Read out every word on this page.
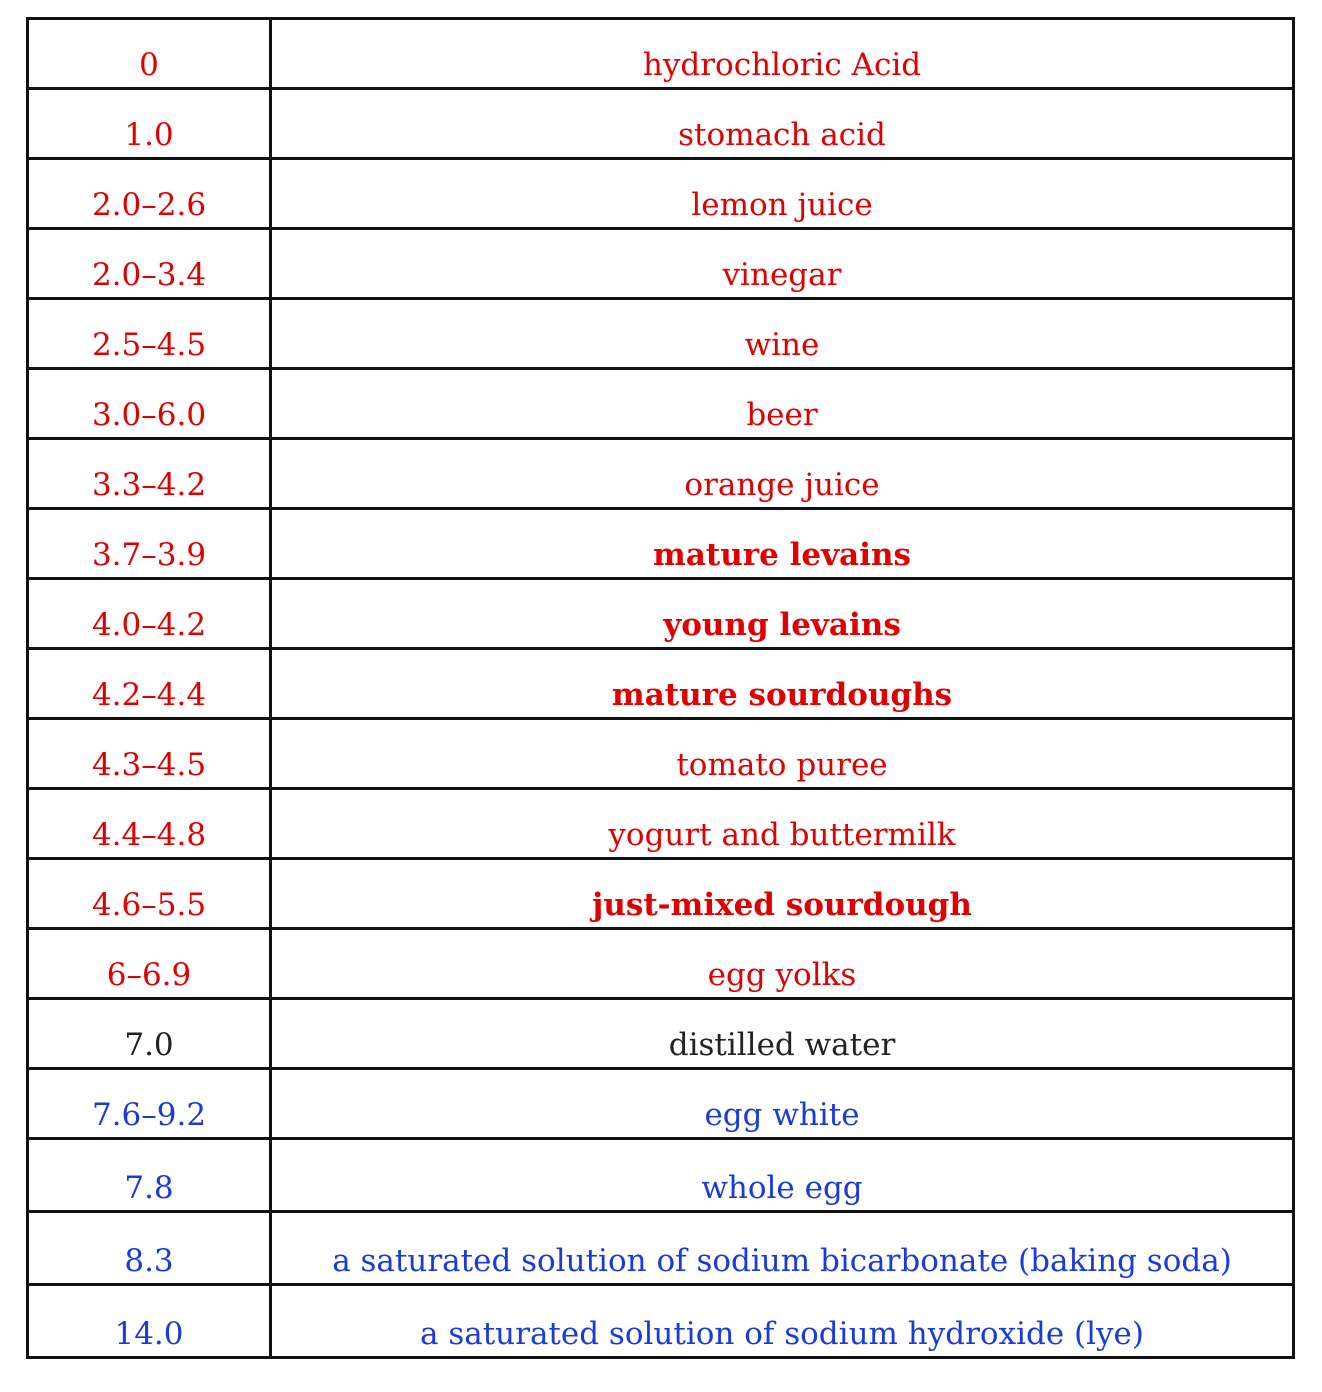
0	hydrochloric Acid
1.0	stomach acid
2.0–2.6	lemon juice
2.0–3.4	vinegar
2.5–4.5	wine
3.0–6.0	beer
3.3–4.2	orange juice
3.7–3.9	mature levains
4.0–4.2	young levains
4.2–4.4	mature sourdoughs
4.3–4.5	tomato puree
4.4–4.8	yogurt and buttermilk
4.6–5.5	just-mixed sourdough
6–6.9	egg yolks
7.0	distilled water
7.6–9.2	egg white
7.8	whole egg
8.3	a saturated solution of sodium bicarbonate (baking soda)
14.0	a saturated solution of sodium hydroxide (lye)
